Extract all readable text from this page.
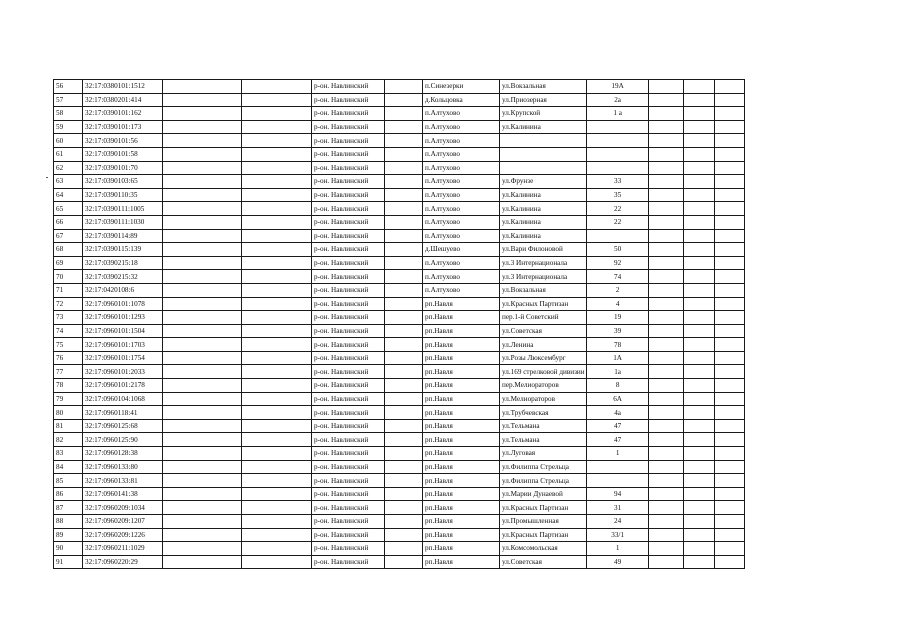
56	32:17:0380101:1512			р-он. Навлинский		п.Синезерки	ул.Вокзальная	19А			
57	32:17:0380201:414			р-он. Навлинский		д.Кольцовка	ул.Приозерная	2а			
58	32:17:0390101:162			р-он. Навлинский		п.Алтухово	ул.Крупской	1 а			
59	32:17:0390101:173			р-он. Навлинский		п.Алтухово	ул.Калинина				
60	32:17:0390101:56			р-он. Навлинский		п.Алтухово					
61	32:17:0390101:58			р-он. Навлинский		п.Алтухово					
62	32:17:0390101:70			р-он. Навлинский		п.Алтухово					
63	32:17:0390103:65			р-он. Навлинский		п.Алтухово	ул.Фрунзе	33			
64	32:17:0390110:35			р-он. Навлинский		п.Алтухово	ул.Калинина	35			
65	32:17:0390111:1005			р-он. Навлинский		п.Алтухово	ул.Калинина	22			
66	32:17:0390111:1030			р-он. Навлинский		п.Алтухово	ул.Калинина	22			
67	32:17:0390114:89			р-он. Навлинский		п.Алтухово	ул.Калинина				
68	32:17:0390115:139			р-он. Навлинский		д.Шешуево	ул.Вари Филоновой	50			
69	32:17:0390215:18			р-он. Навлинский		п.Алтухово	ул.3 Интернационала	92			
70	32:17:0390215:32			р-он. Навлинский		п.Алтухово	ул.3 Интернационала	74			
71	32:17:0420108:6			р-он. Навлинский		п.Алтухово	ул.Вокзальная	2			
72	32:17:0960101:1078			р-он. Навлинский		рп.Навля	ул.Красных Партизан	4			
73	32:17:0960101:1293			р-он. Навлинский		рп.Навля	пер.1-й Советский	19			
74	32:17:0960101:1504			р-он. Навлинский		рп.Навля	ул.Советская	39			
75	32:17:0960101:1703			р-он. Навлинский		рп.Навля	ул.Ленина	78			
76	32:17:0960101:1754			р-он. Навлинский		рп.Навля	ул.Розы Люксембург	1А			
77	32:17:0960101:2033			р-он. Навлинский		рп.Навля	ул.169 стрелковой дивизии	1а			
78	32:17:0960101:2178			р-он. Навлинский		рп.Навля	пер.Мелиораторов	8			
79	32:17:0960104:1068			р-он. Навлинский		рп.Навля	ул.Мелиораторов	6А			
80	32:17:0960118:41			р-он. Навлинский		рп.Навля	ул.Трубчевская	4а			
81	32:17:0960125:68			р-он. Навлинский		рп.Навля	ул.Тельмана	47			
82	32:17:0960125:90			р-он. Навлинский		рп.Навля	ул.Тельмана	47			
83	32:17:0960128:38			р-он. Навлинский		рп.Навля	ул.Луговая	1			
84	32:17:0960133:80			р-он. Навлинский		рп.Навля	ул.Филиппа Стрельца				
85	32:17:0960133:81			р-он. Навлинский		рп.Навля	ул.Филиппа Стрельца				
86	32:17:0960141:38			р-он. Навлинский		рп.Навля	ул.Марии Дунаевой	94			
87	32:17:0960209:1034			р-он. Навлинский		рп.Навля	ул.Красных Партизан	31			
88	32:17:0960209:1207			р-он. Навлинский		рп.Навля	ул.Промышленная	24			
89	32:17:0960209:1226			р-он. Навлинский		рп.Навля	ул.Красных Партизан	33/1			
90	32:17:0960211:1029			р-он. Навлинский		рп.Навля	ул.Комсомольская	1			
91	32:17:0960220:29			р-он. Навлинский		рп.Навля	ул.Советская	49			
